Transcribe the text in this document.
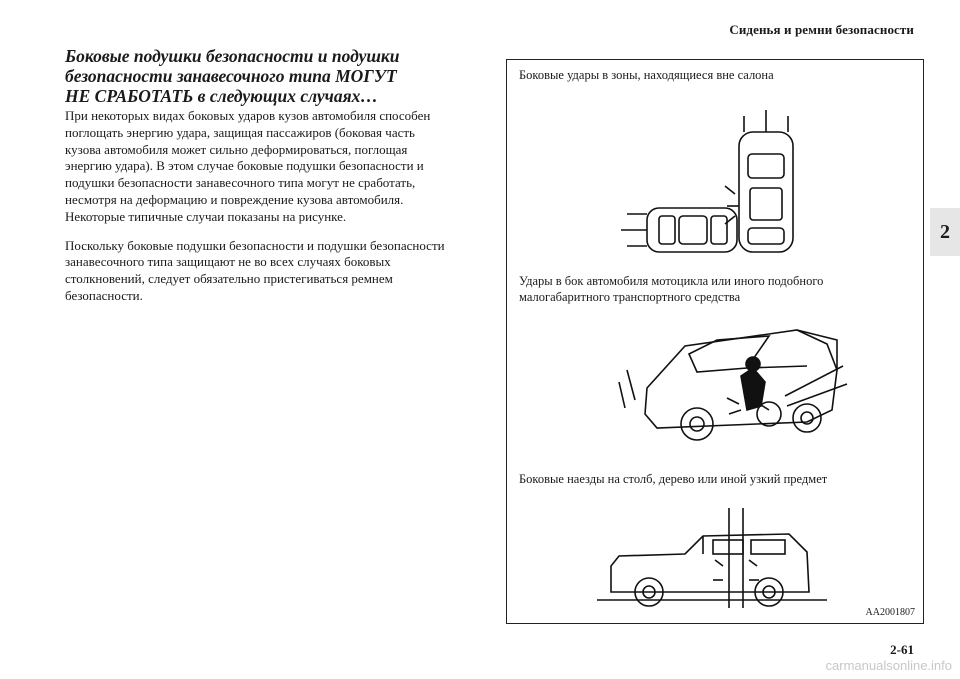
Сиденья и ремни безопасности
2
Боковые подушки безопасности и подушки
безопасности занавесочного типа МОГУТ
НЕ СРАБОТАТЬ в следующих случаях…
При некоторых видах боковых ударов кузов автомобиля способен
поглощать энергию удара, защищая пассажиров (боковая часть
кузова автомобиля может сильно деформироваться, поглощая
энергию удара). В этом случае боковые подушки безопасности и
подушки безопасности занавесочного типа могут не сработать,
несмотря на деформацию и повреждение кузова автомобиля.
Некоторые типичные случаи показаны на рисунке.
Поскольку боковые подушки безопасности и подушки безопасности
занавесочного типа защищают не во всех случаях боковых
столкновений, следует обязательно пристегиваться ремнем
безопасности.
Боковые удары в зоны, находящиеся вне салона
Удары в бок автомобиля мотоцикла или иного подобного
малогабаритного транспортного средства
Боковые наезды на столб, дерево или иной узкий предмет
AA2001807
2-61
carmanualsonline.info
